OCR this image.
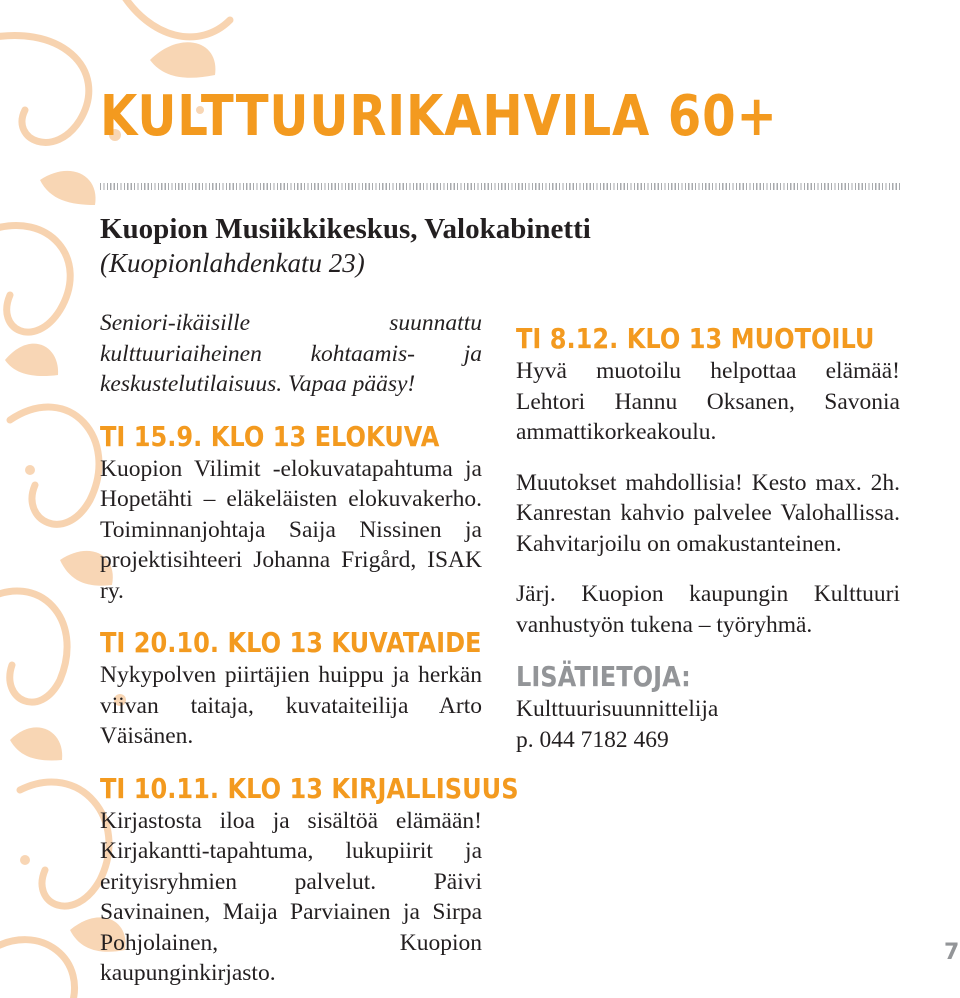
KULTTUURIKAHVILA 60+

Kuopion Musiikkikeskus, Valokabinetti

(Kuopionlahdenkatu 23)

Seniori-ikäisille suunnattu kulttuuriaiheinen kohtaamis- ja keskustelutilaisuus. Vapaa pääsy!

TI 15.9. KLO 13 ELOKUVA

Kuopion Vilimit -elokuvatapahtuma ja Hopetähti – eläkeläisten elokuvakerho. Toiminnanjohtaja Saija Nissinen ja projektisihteeri Johanna Frigård, ISAK ry.

TI 20.10. KLO 13 KUVATAIDE

Nykypolven piirtäjien huippu ja herkän viivan taitaja, kuvataiteilija Arto Väisänen.

TI 10.11. KLO 13 KIRJALLISUUS

Kirjastosta iloa ja sisältöä elämään! Kirjakantti-tapahtuma, lukupiirit ja erityisryhmien palvelut. Päivi Savinainen, Maija Parviainen ja Sirpa Pohjolainen, Kuopion kaupunginkirjasto.

TI 8.12. KLO 13 MUOTOILU

Hyvä muotoilu helpottaa elämää! Lehtori Hannu Oksanen, Savonia ammattikorkeakoulu.

Muutokset mahdollisia! Kesto max. 2h. Kanrestan kahvio palvelee Valohallissa. Kahvitarjoilu on omakustanteinen.

Järj. Kuopion kaupungin Kulttuuri vanhustyön tukena – työryhmä.

LISÄTIETOJA:

Kulttuurisuunnittelija

p. 044 7182 469

7
